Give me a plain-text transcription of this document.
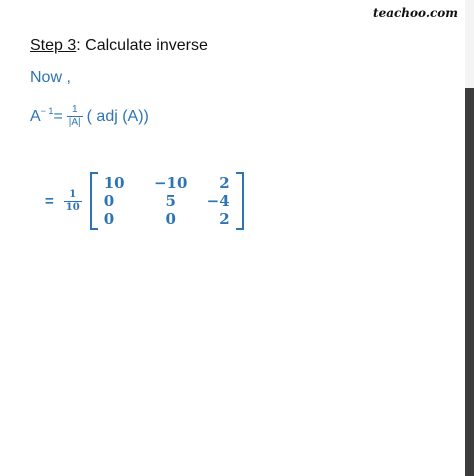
teachoo.com
Step 3: Calculate inverse
Now ,
$A^{- 1} = \frac{1}{|A|}$ ( adj (A))
= $\frac{1}{10}$
10	−10	2
0	5	−4
0	0	2
